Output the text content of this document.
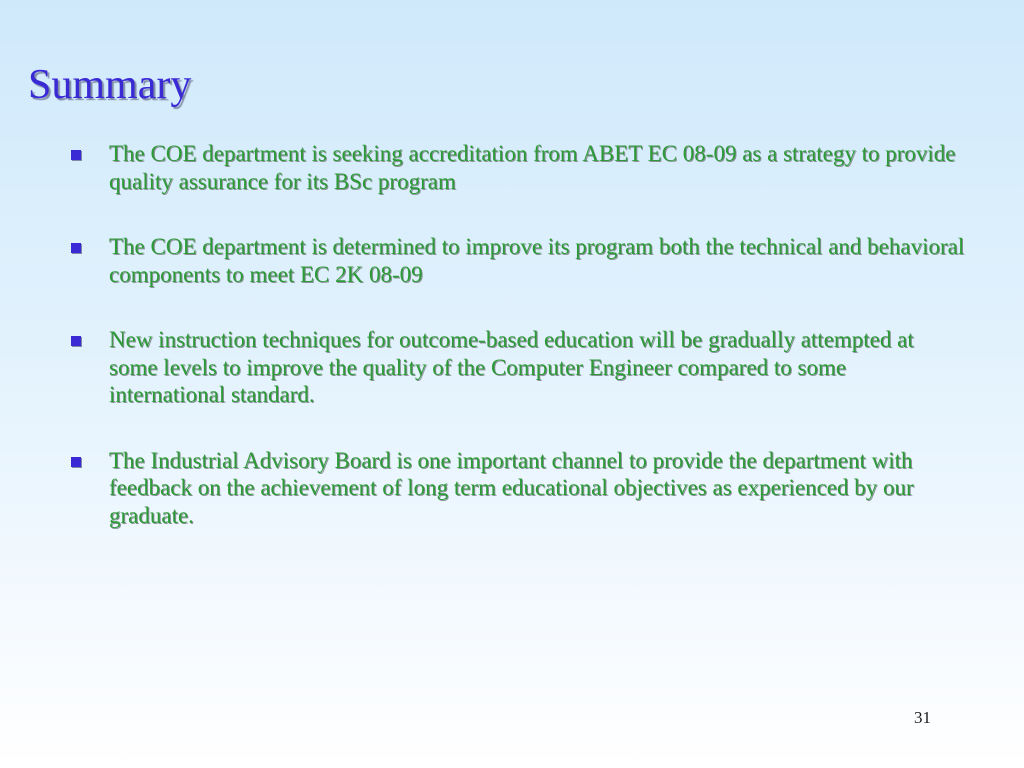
Summary
The COE department is seeking accreditation from ABET EC 08-09 as a strategy to provide quality assurance for its BSc program
The COE department is determined to improve its program both the technical and behavioral components to meet EC 2K 08-09
New instruction techniques for outcome-based education will be gradually attempted at some levels to improve the quality of the Computer Engineer compared to some international standard.
The Industrial Advisory Board is one important channel to provide the department with feedback on the achievement of long term educational objectives as experienced by our graduate.
31
